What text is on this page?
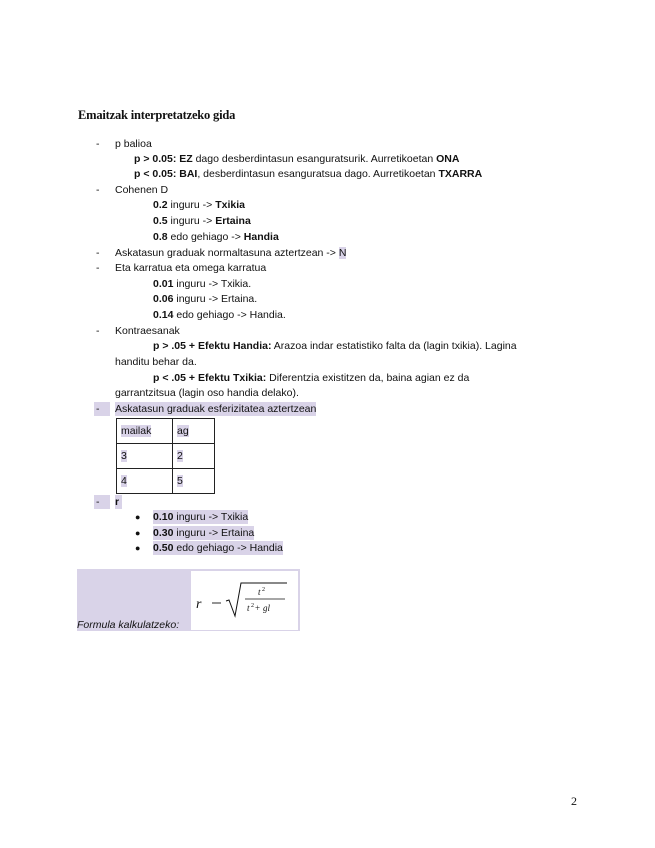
Emaitzak interpretatzeko gida
- p balioa
p > 0.05: EZ dago desberdintasun esanguratsurik. Aurretikoetan ONA
p < 0.05: BAI, desberdintasun esanguratsua dago. Aurretikoetan TXARRA
- Cohenen D
0.2 inguru -> Txikia
0.5 inguru -> Ertaina
0.8 edo gehiago -> Handia
- Askatasun graduak normaltasuna aztertzean -> N
- Eta karratua eta omega karratua
0.01 inguru -> Txikia.
0.06 inguru -> Ertaina.
0.14 edo gehiago -> Handia.
- Kontraesanak
p > .05 + Efektu Handia: Arazoa indar estatistiko falta da (lagin txikia). Lagina
handitu behar da.
p < .05 + Efektu Txikia: Diferentzia existitzen da, baina agian ez da
garrantzitsua (lagin oso handia delako).
-	Askatasun graduak esferizitatea aztertzean
mailak	ag
3	2
4	5
-	r
● 0.10 inguru -> Txikia
● 0.30 inguru -> Ertaina
● 0.50 edo gehiago -> Handia
Formula kalkulatzeko:
r
t 2
t 2 + gl
2
